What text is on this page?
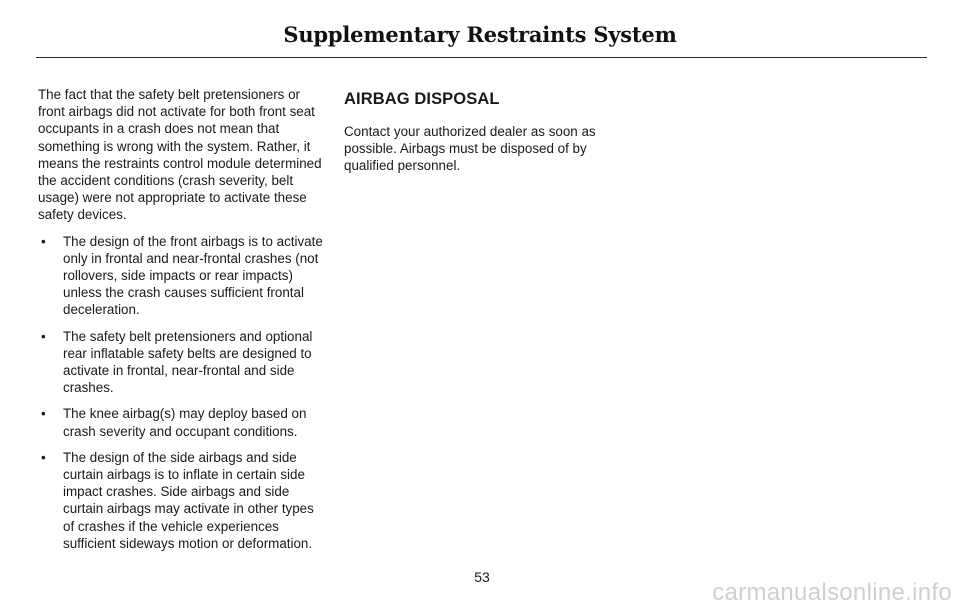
Supplementary Restraints System

The fact that the safety belt pretensioners or front airbags did not activate for both front seat occupants in a crash does not mean that something is wrong with the system. Rather, it means the restraints control module determined the accident conditions (crash severity, belt usage) were not appropriate to activate these safety devices.

• The design of the front airbags is to activate only in frontal and near-frontal crashes (not rollovers, side impacts or rear impacts) unless the crash causes sufficient frontal deceleration.
• The safety belt pretensioners and optional rear inflatable safety belts are designed to activate in frontal, near-frontal and side crashes.
• The knee airbag(s) may deploy based on crash severity and occupant conditions.
• The design of the side airbags and side curtain airbags is to inflate in certain side impact crashes. Side airbags and side curtain airbags may activate in other types of crashes if the vehicle experiences sufficient sideways motion or deformation.
AIRBAG DISPOSAL

Contact your authorized dealer as soon as possible. Airbags must be disposed of by qualified personnel.

53
carmanualsonline.info
